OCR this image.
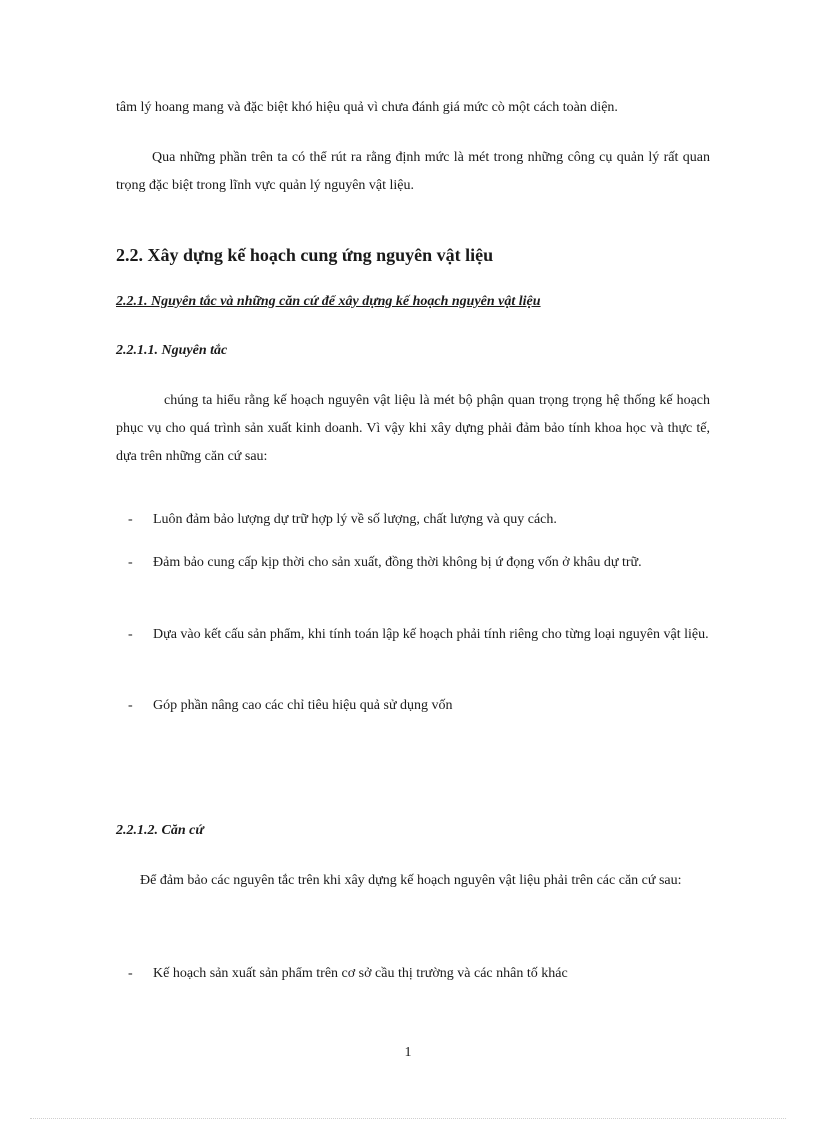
tâm lý hoang mang và đặc biệt khó hiệu quả vì chưa đánh giá mức cò một cách toàn diện.

Qua những phần trên ta có thể rút ra rằng định mức là mét trong những công cụ quản lý rất quan trọng đặc biệt trong lĩnh vực quản lý nguyên vật liệu.

2.2. Xây dựng kế hoạch cung ứng nguyên vật liệu
2.2.1. Nguyên tắc và những căn cứ để xây dựng kế hoạch nguyên vật liệu
2.2.1.1. Nguyên tắc

chúng ta hiểu rằng kế hoạch nguyên vật liệu là mét bộ phận quan trọng trọng hệ thống kế hoạch phục vụ cho quá trình sản xuất kinh doanh. Vì vậy khi xây dựng phải đảm bảo tính khoa học và thực tế, dựa trên những căn cứ sau:

- Luôn đảm bảo lượng dự trữ hợp lý về số lượng, chất lượng và quy cách.
- Đảm bảo cung cấp kịp thời cho sản xuất, đồng thời không bị ứ đọng vốn ở khâu dự trữ.
- Dựa vào kết cấu sản phẩm, khi tính toán lập kế hoạch phải tính riêng cho từng loại nguyên vật liệu.
- Góp phần nâng cao các chỉ tiêu hiệu quả sử dụng vốn
2.2.1.2. Căn cứ

Để đảm bảo các nguyên tắc trên khi xây dựng kế hoạch nguyên vật liệu phải trên các căn cứ sau:

- Kế hoạch sản xuất sản phẩm trên cơ sở cầu thị trường và các nhân tố khác
1
